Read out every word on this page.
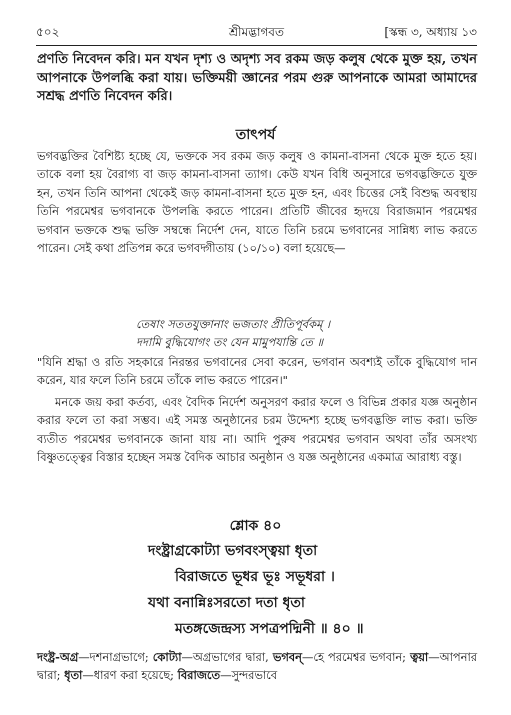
৫০২	শ্রীমদ্ভাগবত	[স্কন্ধ ৩, অধ্যায় ১৩

প্রণতি নিবেদন করি। মন যখন দৃশ্য ও অদৃশ্য সব রকম জড় কলুষ থেকে মুক্ত হয়, তখন আপনাকে উপলব্ধি করা যায়। ভক্তিময়ী জ্ঞানের পরম গুরু আপনাকে আমরা আমাদের সশ্রদ্ধ প্রণতি নিবেদন করি।

তাৎপর্য

ভগবদ্ভক্তির বৈশিষ্ট্য হচ্ছে যে, ভক্তকে সব রকম জড় কলুষ ও কামনা-বাসনা থেকে মুক্ত হতে হয়। তাকে বলা হয় বৈরাগ্য বা জড় কামনা-বাসনা ত্যাগ। কেউ যখন বিধি অনুসারে ভগবদ্ভক্তিতে যুক্ত হন, তখন তিনি আপনা থেকেই জড় কামনা-বাসনা হতে মুক্ত হন, এবং চিত্তের সেই বিশুদ্ধ অবস্থায় তিনি পরমেশ্বর ভগবানকে উপলব্ধি করতে পারেন। প্রতিটি জীবের হৃদয়ে বিরাজমান পরমেশ্বর ভগবান ভক্তকে শুদ্ধ ভক্তি সম্বন্ধে নির্দেশ দেন, যাতে তিনি চরমে ভগবানের সান্নিধ্য লাভ করতে পারেন। সেই কথা প্রতিপন্ন করে ভগবদ্গীতায় (১০/১০) বলা হয়েছে—

তেষাং সততযুক্তানাং ভজতাং প্রীতিপূর্বকম্ ।
দদামি বুদ্ধিযোগং তং যেন মামুপযান্তি তে ॥

"যিনি শ্রদ্ধা ও রতি সহকারে নিরন্তর ভগবানের সেবা করেন, ভগবান অবশ্যই তাঁকে বুদ্ধিযোগ দান করেন, যার ফলে তিনি চরমে তাঁকে লাভ করতে পারেন।"

মনকে জয় করা কর্তব্য, এবং বৈদিক নির্দেশ অনুসরণ করার ফলে ও বিভিন্ন প্রকার যজ্ঞ অনুষ্ঠান করার ফলে তা করা সম্ভব। এই সমস্ত অনুষ্ঠানের চরম উদ্দেশ্য হচ্ছে ভগবদ্ভক্তি লাভ করা। ভক্তি ব্যতীত পরমেশ্বর ভগবানকে জানা যায় না। আদি পুরুষ পরমেশ্বর ভগবান অথবা তাঁর অসংখ্য বিষ্ণুতত্ত্বের বিস্তার হচ্ছেন সমস্ত বৈদিক আচার অনুষ্ঠান ও যজ্ঞ অনুষ্ঠানের একমাত্র আরাধ্য বস্তু।

শ্লোক ৪০
দংষ্ট্রাগ্রকোট্যা ভগবংস্ত্বয়া ধৃতা
বিরাজতে ভূধর ভূঃ সভূধরা ।
যথা বনান্নিঃসরতো দতা ধৃতা
মতঙ্গজেন্দ্রস্য সপত্রপদ্মিনী ॥ ৪০ ॥

দংষ্ট্র-অগ্র—দশনাগ্রভাগে; কোট্যা—অগ্রভাগের দ্বারা, ভগবন্—হে পরমেশ্বর ভগবান; ত্বয়া—আপনার দ্বারা; ধৃতা—ধারণ করা হয়েছে; বিরাজতে—সুন্দরভাবে
